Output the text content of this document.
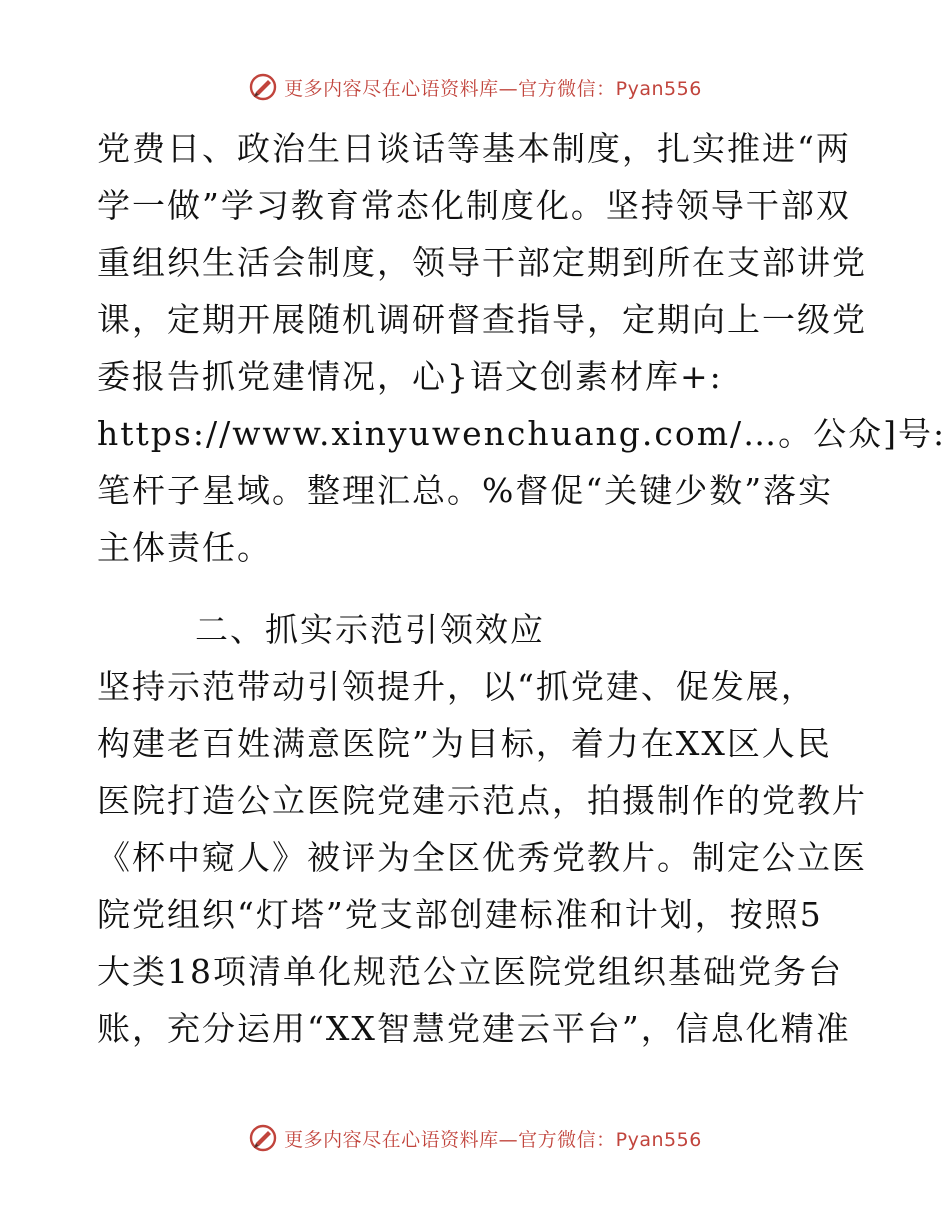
更多内容尽在心语资料库—官方微信：Pyan556
党费日、政治生日谈话等基本制度，扎实推进“两
学一做”学习教育常态化制度化。坚持领导干部双
重组织生活会制度，领导干部定期到所在支部讲党
课，定期开展随机调研督查指导，定期向上一级党
委报告抓党建情况，心}语文创素材库+:
https://www.xinyuwenchuang.com/…。公众]号:
笔杆子星域。整理汇总。%督促“关键少数”落实
主体责任。
二、抓实示范引领效应
坚持示范带动引领提升，以“抓党建、促发展，
构建老百姓满意医院”为目标，着力在XX区人民
医院打造公立医院党建示范点，拍摄制作的党教片
《杯中窥人》被评为全区优秀党教片。制定公立医
院党组织“灯塔”党支部创建标准和计划，按照5
大类18项清单化规范公立医院党组织基础党务台
账，充分运用“XX智慧党建云平台”，信息化精准
更多内容尽在心语资料库—官方微信：Pyan556
